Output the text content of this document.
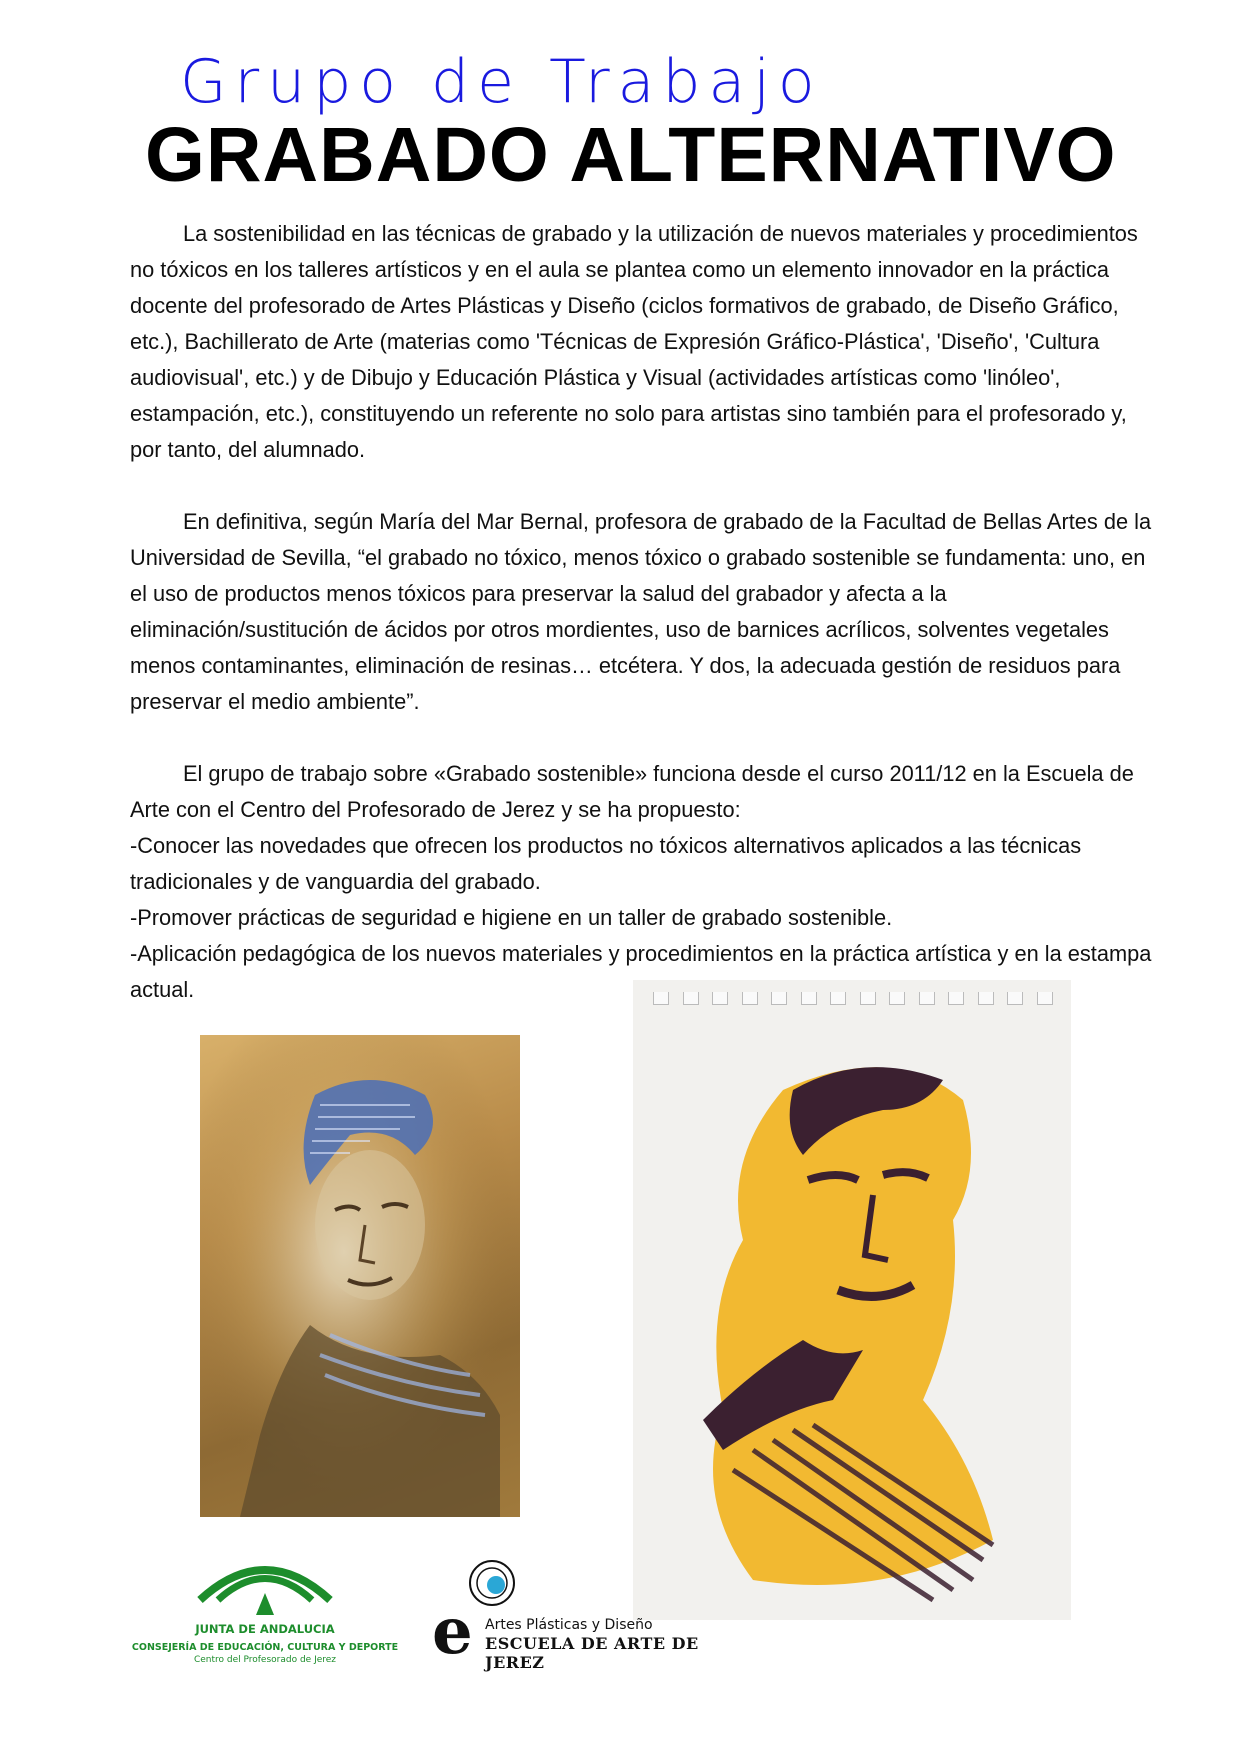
Grupo de Trabajo
GRABADO ALTERNATIVO

La sostenibilidad en las técnicas de grabado y la utilización de nuevos materiales y procedimientos no tóxicos en los talleres artísticos y en el aula se plantea como un elemento innovador en la práctica docente del profesorado de Artes Plásticas y Diseño (ciclos formativos de grabado, de Diseño Gráfico, etc.), Bachillerato de Arte (materias como 'Técnicas de Expresión Gráfico-Plástica', 'Diseño', 'Cultura audiovisual', etc.) y de Dibujo y Educación Plástica y Visual (actividades artísticas como 'linóleo', estampación, etc.), constituyendo un referente no solo para artistas sino también para el profesorado y, por tanto, del alumnado.

En definitiva, según María del Mar Bernal, profesora de grabado de la Facultad de Bellas Artes de la Universidad de Sevilla, “el grabado no tóxico, menos tóxico o grabado sostenible se fundamenta: uno, en el uso de productos menos tóxicos para preservar la salud del grabador y afecta a la eliminación/sustitución de ácidos por otros mordientes, uso de barnices acrílicos, solventes vegetales menos contaminantes, eliminación de resinas… etcétera. Y dos, la adecuada gestión de residuos para preservar el medio ambiente”.

El grupo de trabajo sobre «Grabado sostenible» funciona desde el curso 2011/12 en la Escuela de Arte con el Centro del Profesorado de Jerez y se ha propuesto:

-Conocer las novedades que ofrecen los productos no tóxicos alternativos aplicados a las técnicas tradicionales y de vanguardia del grabado.

-Promover prácticas de seguridad e higiene en un taller de grabado sostenible.

-Aplicación pedagógica de los nuevos materiales y procedimientos en la práctica artística y en la estampa actual.

JUNTA DE ANDALUCIA
CONSEJERÍA DE EDUCACIÓN, CULTURA Y DEPORTE
Centro del Profesorado de Jerez	e Artes Plásticas y Diseño
ESCUELA DE ARTE DE JEREZ
